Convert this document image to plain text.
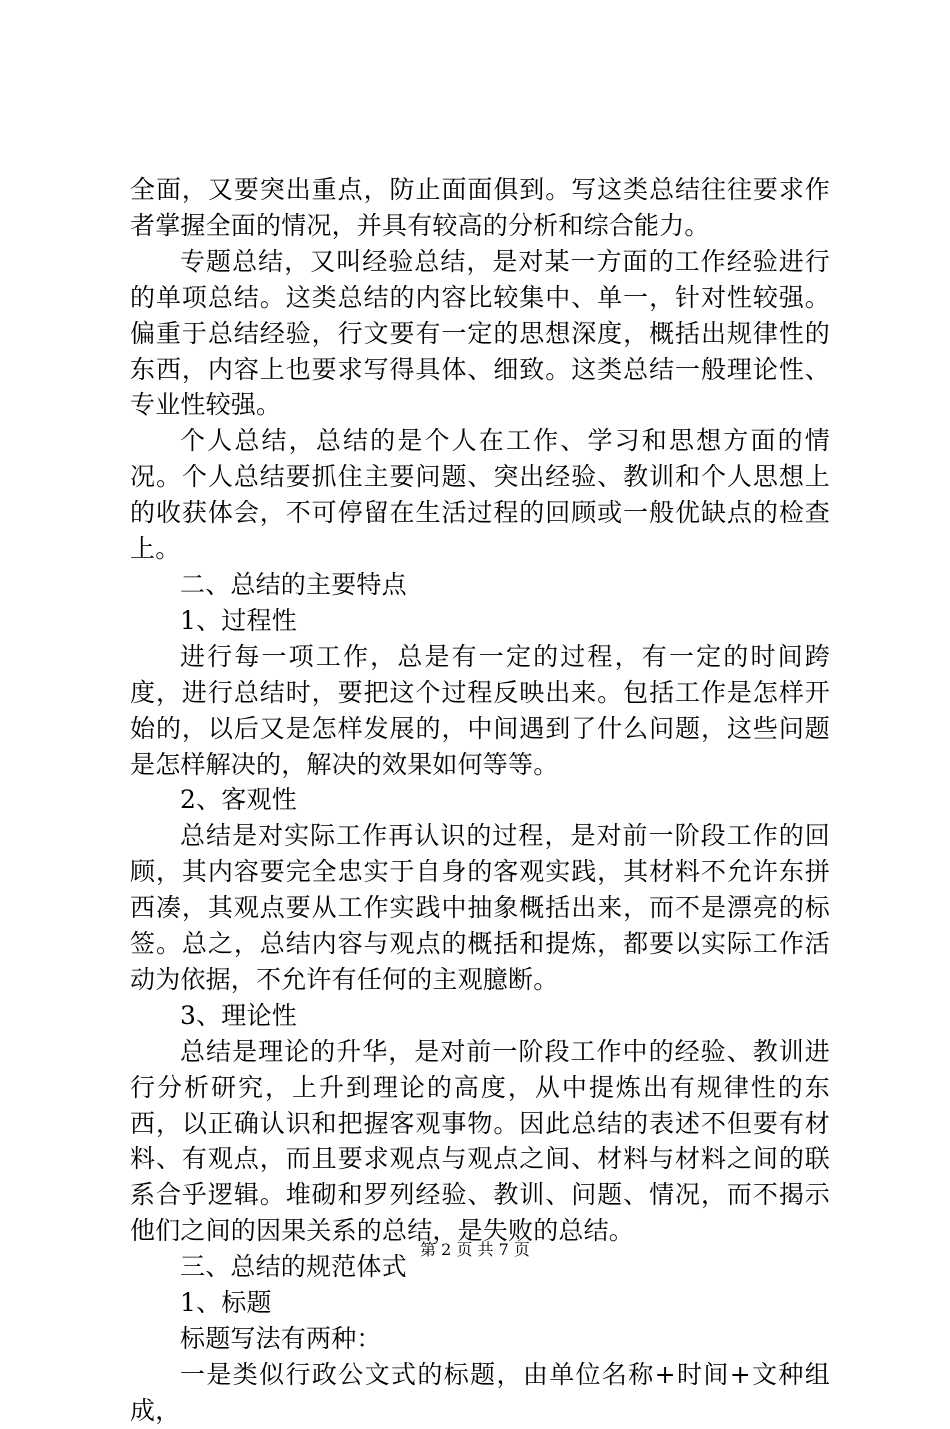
全面，又要突出重点，防止面面俱到。写这类总结往往要求作者掌握全面的情况，并具有较高的分析和综合能力。

专题总结，又叫经验总结，是对某一方面的工作经验进行的单项总结。这类总结的内容比较集中、单一，针对性较强。偏重于总结经验，行文要有一定的思想深度，概括出规律性的东西，内容上也要求写得具体、细致。这类总结一般理论性、专业性较强。

个人总结，总结的是个人在工作、学习和思想方面的情况。个人总结要抓住主要问题、突出经验、教训和个人思想上的收获体会，不可停留在生活过程的回顾或一般优缺点的检查上。

二、总结的主要特点

1、过程性

进行每一项工作，总是有一定的过程，有一定的时间跨度，进行总结时，要把这个过程反映出来。包括工作是怎样开始的，以后又是怎样发展的，中间遇到了什么问题，这些问题是怎样解决的，解决的效果如何等等。

2、客观性

总结是对实际工作再认识的过程，是对前一阶段工作的回顾，其内容要完全忠实于自身的客观实践，其材料不允许东拼西凑，其观点要从工作实践中抽象概括出来，而不是漂亮的标签。总之，总结内容与观点的概括和提炼，都要以实际工作活动为依据，不允许有任何的主观臆断。

3、理论性

总结是理论的升华，是对前一阶段工作中的经验、教训进行分析研究，上升到理论的高度，从中提炼出有规律性的东西，以正确认识和把握客观事物。因此总结的表述不但要有材料、有观点，而且要求观点与观点之间、材料与材料之间的联系合乎逻辑。堆砌和罗列经验、教训、问题、情况，而不揭示他们之间的因果关系的总结，是失败的总结。

三、总结的规范体式

1、标题

标题写法有两种：

一是类似行政公文式的标题，由单位名称+时间+文种组成，

第 2 页 共 7 页
